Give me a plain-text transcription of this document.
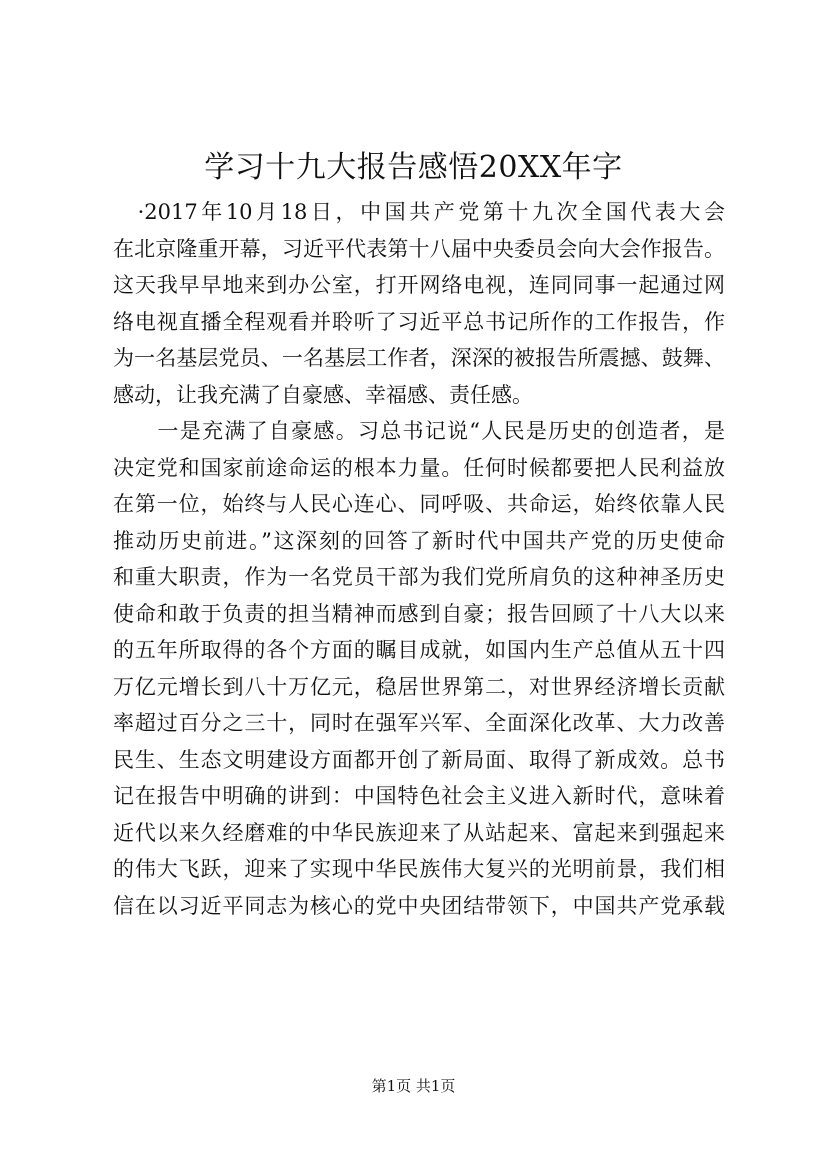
学习十九大报告感悟20XX年字
　·2017年10月18日，中国共产党第十九次全国代表大会
在北京隆重开幕，习近平代表第十八届中央委员会向大会作报告。
这天我早早地来到办公室，打开网络电视，连同同事一起通过网
络电视直播全程观看并聆听了习近平总书记所作的工作报告，作
为一名基层党员、一名基层工作者，深深的被报告所震撼、鼓舞、
感动，让我充满了自豪感、幸福感、责任感。
　　一是充满了自豪感。习总书记说“人民是历史的创造者，是
决定党和国家前途命运的根本力量。任何时候都要把人民利益放
在第一位，始终与人民心连心、同呼吸、共命运，始终依靠人民
推动历史前进。”这深刻的回答了新时代中国共产党的历史使命
和重大职责，作为一名党员干部为我们党所肩负的这种神圣历史
使命和敢于负责的担当精神而感到自豪；报告回顾了十八大以来
的五年所取得的各个方面的瞩目成就，如国内生产总值从五十四
万亿元增长到八十万亿元，稳居世界第二，对世界经济增长贡献
率超过百分之三十，同时在强军兴军、全面深化改革、大力改善
民生、生态文明建设方面都开创了新局面、取得了新成效。总书
记在报告中明确的讲到：中国特色社会主义进入新时代，意味着
近代以来久经磨难的中华民族迎来了从站起来、富起来到强起来
的伟大飞跃，迎来了实现中华民族伟大复兴的光明前景，我们相
信在以习近平同志为核心的党中央团结带领下，中国共产党承载
第1页 共1页
